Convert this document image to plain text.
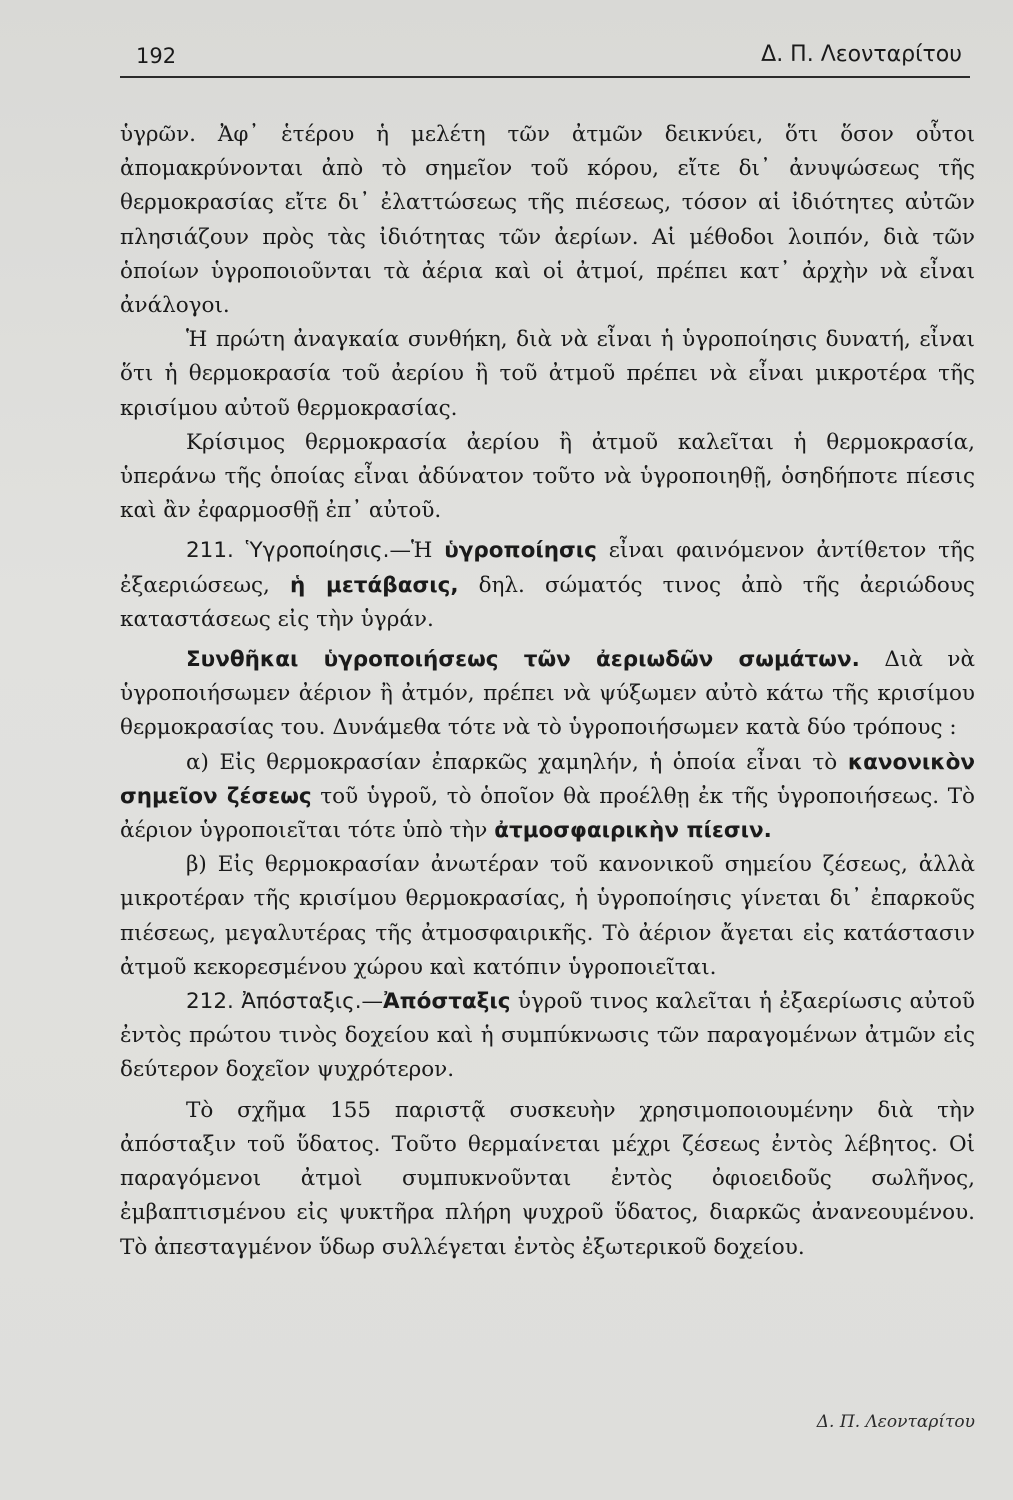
192	Δ. Π. Λεονταρίτου

ὑγρῶν. Ἀφ᾿ ἑτέρου ἡ μελέτη τῶν ἀτμῶν δεικνύει, ὅτι ὅσον οὗτοι ἀπομακρύνονται ἀπὸ τὸ σημεῖον τοῦ κόρου, εἴτε δι᾿ ἀνυψώσεως τῆς θερμοκρασίας εἴτε δι᾿ ἐλαττώσεως τῆς πιέσεως, τόσον αἱ ἰδιότητες αὐτῶν πλησιάζουν πρὸς τὰς ἰδιότητας τῶν ἀερίων. Αἱ μέθοδοι λοιπόν, διὰ τῶν ὁποίων ὑγροποιοῦνται τὰ ἀέρια καὶ οἱ ἀτμοί, πρέπει κατ᾿ ἀρχὴν νὰ εἶναι ἀνάλογοι.

Ἡ πρώτη ἀναγκαία συνθήκη, διὰ νὰ εἶναι ἡ ὑγροποίησις δυνατή, εἶναι ὅτι ἡ θερμοκρασία τοῦ ἀερίου ἢ τοῦ ἀτμοῦ πρέπει νὰ εἶναι μικροτέρα τῆς κρισίμου αὐτοῦ θερμοκρασίας.

Κρίσιμος θερμοκρασία ἀερίου ἢ ἀτμοῦ καλεῖται ἡ θερμοκρασία, ὑπεράνω τῆς ὁποίας εἶναι ἀδύνατον τοῦτο νὰ ὑγροποιηθῇ, ὁσηδήποτε πίεσις καὶ ἂν ἐφαρμοσθῇ ἐπ᾿ αὐτοῦ.

211. Ὑγροποίησις.—Ἡ ὑγροποίησις εἶναι φαινόμενον ἀντίθετον τῆς ἐξαεριώσεως, ἡ μετάβασις, δηλ. σώματός τινος ἀπὸ τῆς ἀεριώδους καταστάσεως εἰς τὴν ὑγράν.

Συνθῆκαι ὑγροποιήσεως τῶν ἀεριωδῶν σωμάτων. Διὰ νὰ ὑγροποιήσωμεν ἀέριον ἢ ἀτμόν, πρέπει νὰ ψύξωμεν αὐτὸ κάτω τῆς κρισίμου θερμοκρασίας του. Δυνάμεθα τότε νὰ τὸ ὑγροποιήσωμεν κατὰ δύο τρόπους :

α) Εἰς θερμοκρασίαν ἐπαρκῶς χαμηλήν, ἡ ὁποία εἶναι τὸ κανονικὸν σημεῖον ζέσεως τοῦ ὑγροῦ, τὸ ὁποῖον θὰ προέλθῃ ἐκ τῆς ὑγροποιήσεως. Τὸ ἀέριον ὑγροποιεῖται τότε ὑπὸ τὴν ἀτμοσφαιρικὴν πίεσιν.

β) Εἰς θερμοκρασίαν ἀνωτέραν τοῦ κανονικοῦ σημείου ζέσεως, ἀλλὰ μικροτέραν τῆς κρισίμου θερμοκρασίας, ἡ ὑγροποίησις γίνεται δι᾿ ἐπαρκοῦς πιέσεως, μεγαλυτέρας τῆς ἀτμοσφαιρικῆς. Τὸ ἀέριον ἄγεται εἰς κατάστασιν ἀτμοῦ κεκορεσμένου χώρου καὶ κατόπιν ὑγροποιεῖται.

212. Ἀπόσταξις.—Ἀπόσταξις ὑγροῦ τινος καλεῖται ἡ ἐξαερίωσις αὐτοῦ ἐντὸς πρώτου τινὸς δοχείου καὶ ἡ συμπύκνωσις τῶν παραγομένων ἀτμῶν εἰς δεύτερον δοχεῖον ψυχρότερον.

Τὸ σχῆμα 155 παριστᾷ συσκευὴν χρησιμοποιουμένην διὰ τὴν ἀπόσταξιν τοῦ ὕδατος. Τοῦτο θερμαίνεται μέχρι ζέσεως ἐντὸς λέβητος. Οἱ παραγόμενοι ἀτμοὶ συμπυκνοῦνται ἐντὸς ὀφιοειδοῦς σωλῆνος, ἐμβαπτισμένου εἰς ψυκτῆρα πλήρη ψυχροῦ ὕδατος, διαρκῶς ἀνανεουμένου. Τὸ ἀπεσταγμένον ὕδωρ συλλέγεται ἐντὸς ἐξωτερικοῦ δοχείου.

Δ. Π. Λεονταρίτου
